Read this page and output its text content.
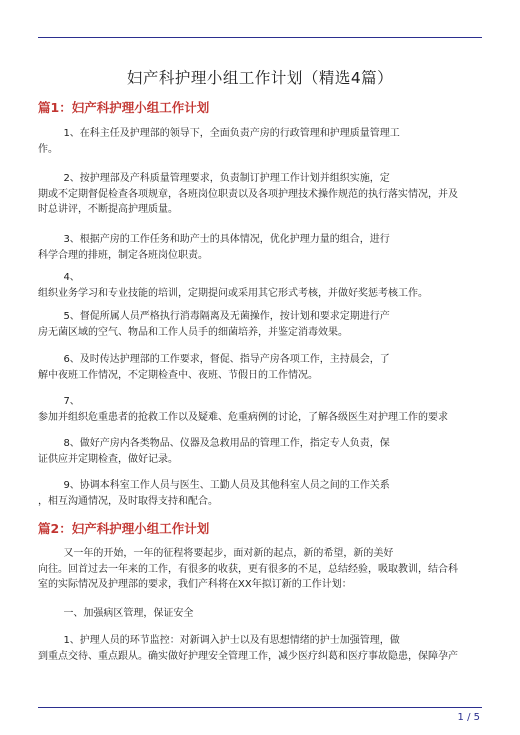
妇产科护理小组工作计划（精选4篇）
篇1：妇产科护理小组工作计划

1、在科主任及护理部的领导下，全面负责产房的行政管理和护理质量管理工
作。

2、按护理部及产科质量管理要求，负责制订护理工作计划并组织实施，定
期或不定期督促检查各项规章，各班岗位职责以及各项护理技术操作规范的执行落实情况，并及
时总讲评，不断提高护理质量。

3、根据产房的工作任务和助产士的具体情况，优化护理力量的组合，进行
科学合理的排班，制定各班岗位职责。

4、
组织业务学习和专业技能的培训，定期提问或采用其它形式考核，并做好奖惩考核工作。

5、督促所属人员严格执行消毒隔离及无菌操作，按计划和要求定期进行产
房无菌区域的空气、物品和工作人员手的细菌培养，并鉴定消毒效果。

6、及时传达护理部的工作要求，督促、指导产房各项工作，主持晨会，了
解中夜班工作情况，不定期检查中、夜班、节假日的工作情况。

7、
参加并组织危重患者的抢救工作以及疑难、危重病例的讨论，了解各级医生对护理工作的要求

8、做好产房内各类物品、仪器及急救用品的管理工作，指定专人负责，保
证供应并定期检查，做好记录。

9、协调本科室工作人员与医生、工勤人员及其他科室人员之间的工作关系
，相互沟通情况，及时取得支持和配合。

篇2：妇产科护理小组工作计划

又一年的开始，一年的征程将要起步，面对新的起点，新的希望，新的美好
向往。回首过去一年来的工作，有很多的收获，更有很多的不足，总结经验，吸取教训，结合科
室的实际情况及护理部的要求，我们产科将在XX年拟订新的工作计划：

一、加强病区管理，保证安全

1、护理人员的环节监控：对新调入护士以及有思想情绪的护士加强管理，做
到重点交待、重点跟从。确实做好护理安全管理工作，减少医疗纠葛和医疗事故隐患，保障孕产

1 / 5
